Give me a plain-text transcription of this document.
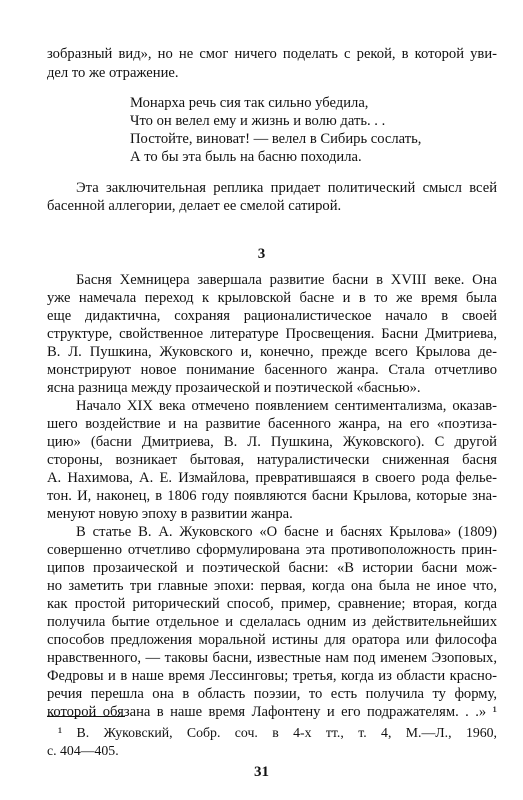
зобразный вид», но не смог ничего поделать с рекой, в которой уви-
дел то же отражение.
Монарха речь сия так сильно убедила,
Что он велел ему и жизнь и волю дать. . .
Постойте, виноват! — велел в Сибирь сослать,
А то бы эта быль на басню походила.
Эта заключительная реплика придает политический смысл всей
басенной аллегории, делает ее смелой сатирой.
3
Басня Хемницера завершала развитие басни в XVIII веке. Она
уже намечала переход к крыловской басне и в то же время была
еще дидактична, сохраняя рационалистическое начало в своей
структуре, свойственное литературе Просвещения. Басни Дмитриева,
В. Л. Пушкина, Жуковского и, конечно, прежде всего Крылова де-
монстрируют новое понимание басенного жанра. Стала отчетливо
ясна разница между прозаической и поэтической «баснью».
Начало XIX века отмечено появлением сентиментализма, оказав-
шего воздействие и на развитие басенного жанра, на его «поэтиза-
цию» (басни Дмитриева, В. Л. Пушкина, Жуковского). С другой
стороны, возникает бытовая, натуралистически сниженная басня
А. Нахимова, А. Е. Измайлова, превратившаяся в своего рода фелье-
тон. И, наконец, в 1806 году появляются басни Крылова, которые зна-
менуют новую эпоху в развитии жанра.
В статье В. А. Жуковского «О басне и баснях Крылова» (1809)
совершенно отчетливо сформулирована эта противоположность прин-
ципов прозаической и поэтической басни: «В истории басни мож-
но заметить три главные эпохи: первая, когда она была не иное что,
как простой риторический способ, пример, сравнение; вторая, когда
получила бытие отдельное и сделалась одним из действительнейших
способов предложения моральной истины для оратора или философа
нравственного, — таковы басни, известные нам под именем Эзоповых,
Федровы и в наше время Лессинговы; третья, когда из области красно-
речия перешла она в область поэзии, то есть получила ту форму,
которой обязана в наше время Лафонтену и его подражателям. . .» ¹
¹ В. Жуковский, Собр. соч. в 4-х тт., т. 4, М.—Л., 1960,
с. 404—405.
31
